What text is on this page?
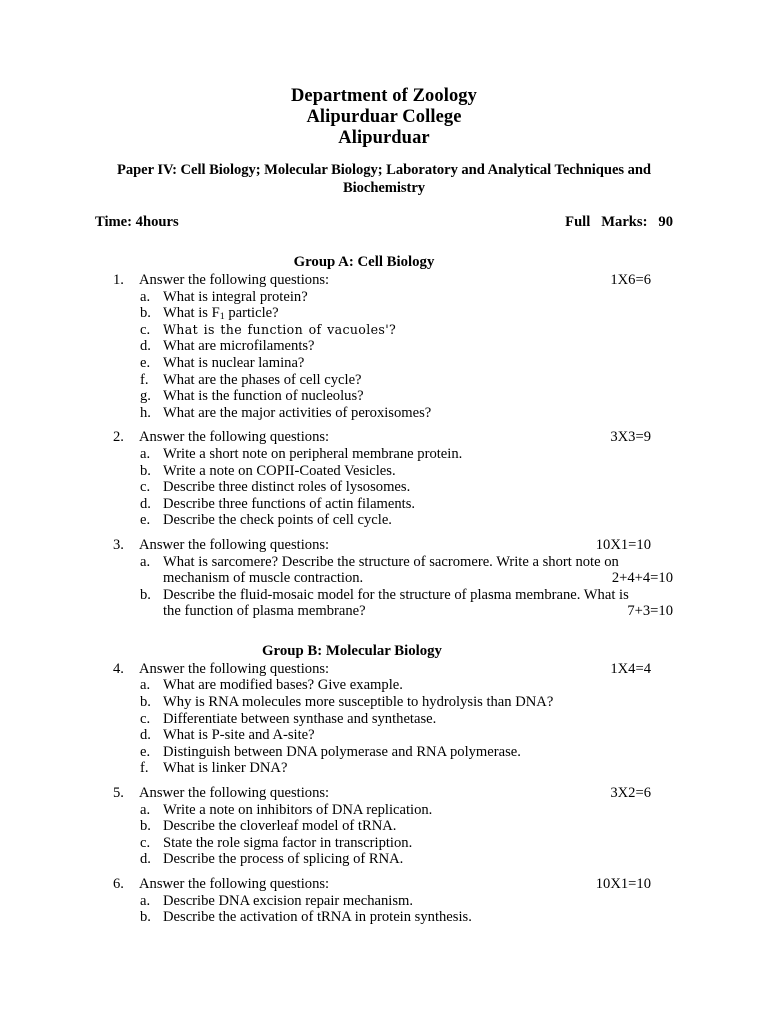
Department of Zoology
Alipurduar College
Alipurduar
Paper IV: Cell Biology; Molecular Biology; Laboratory and Analytical Techniques and Biochemistry
Time: 4hours	Full   Marks:   90
Group A: Cell Biology
1.	Answer the following questions:	1X6=6
a. What is integral protein?
b. What is $F_1$ particle?
c.	What is the function of vacuoles'?
d. What are microfilaments?
e. What is nuclear lamina?
f. What are the phases of cell cycle?
g. What is the function of nucleolus?
h. What are the major activities of peroxisomes?
2.	Answer the following questions:	3X3=9
a. Write a short note on peripheral membrane protein.
b. Write a note on COPII-Coated Vesicles.
c. Describe three distinct roles of lysosomes.
d. Describe three functions of actin filaments.
e. Describe the check points of cell cycle.
3.	Answer the following questions:	10X1=10
a. What is sarcomere? Describe the structure of sacromere. Write a short note on
mechanism of muscle contraction.	2+4+4=10
b. Describe the fluid-mosaic model for the structure of plasma membrane. What is
the function of plasma membrane?	7+3=10
Group B: Molecular Biology
4.	Answer the following questions:	1X4=4
a. What are modified bases? Give example.
b. Why is RNA molecules more susceptible to hydrolysis than DNA?
c. Differentiate between synthase and synthetase.
d. What is P-site and A-site?
e. Distinguish between DNA polymerase and RNA polymerase.
f. What is linker DNA?
5.	Answer the following questions:	3X2=6
a. Write a note on inhibitors of DNA replication.
b. Describe the cloverleaf model of tRNA.
c. State the role sigma factor in transcription.
d. Describe the process of splicing of RNA.
6.	Answer the following questions:	10X1=10
a. Describe DNA excision repair mechanism.
b. Describe the activation of tRNA in protein synthesis.
